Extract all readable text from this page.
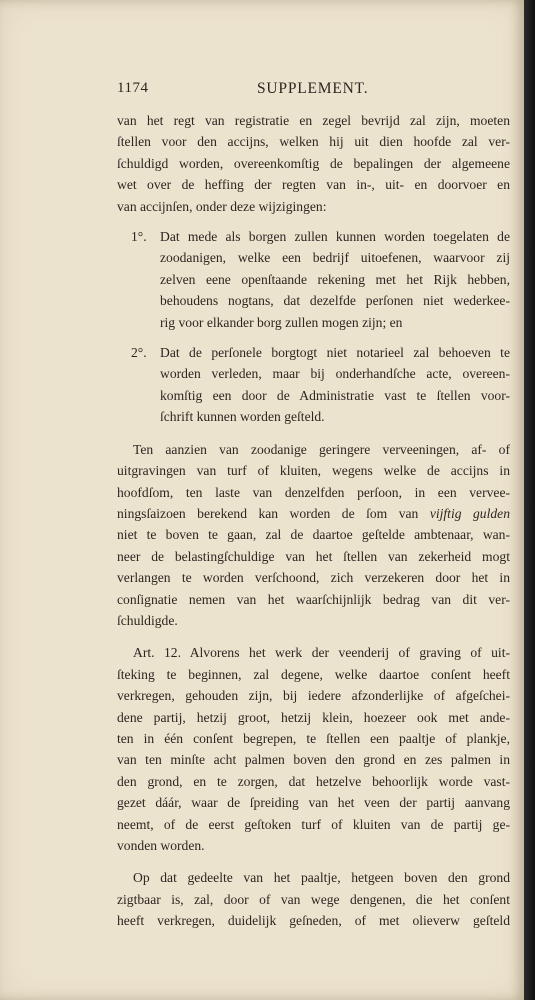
1174	SUPPLEMENT.

van het regt van registratie en zegel bevrijd zal zijn, moeten
ſtellen voor den accijns, welken hij uit dien hoofde zal ver-
ſchuldigd worden, overeenkomſtig de bepalingen der algemeene
wet over de heffing der regten van in-, uit- en doorvoer en
van accijnſen, onder deze wijzigingen:

1°. Dat mede als borgen zullen kunnen worden toegelaten de
zoodanigen, welke een bedrijf uitoefenen, waarvoor zij
zelven eene openſtaande rekening met het Rijk hebben,
behoudens nogtans, dat dezelfde perſonen niet wederkee-
rig voor elkander borg zullen mogen zijn; en
2°. Dat de perſonele borgtogt niet notarieel zal behoeven te
worden verleden, maar bij onderhandſche acte, overeen-
komſtig een door de Administratie vast te ſtellen voor-
ſchrift kunnen worden geſteld.

Ten aanzien van zoodanige geringere verveeningen, af- of
uitgravingen van turf of kluiten, wegens welke de accijns in
hoofdſom, ten laste van denzelfden perſoon, in een vervee-
ningsſaizoen berekend kan worden de ſom van vijftig gulden
niet te boven te gaan, zal de daartoe geſtelde ambtenaar, wan-
neer de belastingſchuldige van het ſtellen van zekerheid mogt
verlangen te worden verſchoond, zich verzekeren door het in
conſignatie nemen van het waarſchijnlijk bedrag van dit ver-
ſchuldigde.

Art. 12. Alvorens het werk der veenderij of graving of uit-
ſteking te beginnen, zal degene, welke daartoe conſent heeft
verkregen, gehouden zijn, bij iedere afzonderlijke of afgeſchei-
dene partij, hetzij groot, hetzij klein, hoezeer ook met ande-
ten in één conſent begrepen, te ſtellen een paaltje of plankje,
van ten minſte acht palmen boven den grond en zes palmen in
den grond, en te zorgen, dat hetzelve behoorlijk worde vast-
gezet dáár, waar de ſpreiding van het veen der partij aanvang
neemt, of de eerst geſtoken turf of kluiten van de partij ge-
vonden worden.

Op dat gedeelte van het paaltje, hetgeen boven den grond
zigtbaar is, zal, door of van wege dengenen, die het conſent
heeft verkregen, duidelijk geſneden, of met olieverw geſteld
